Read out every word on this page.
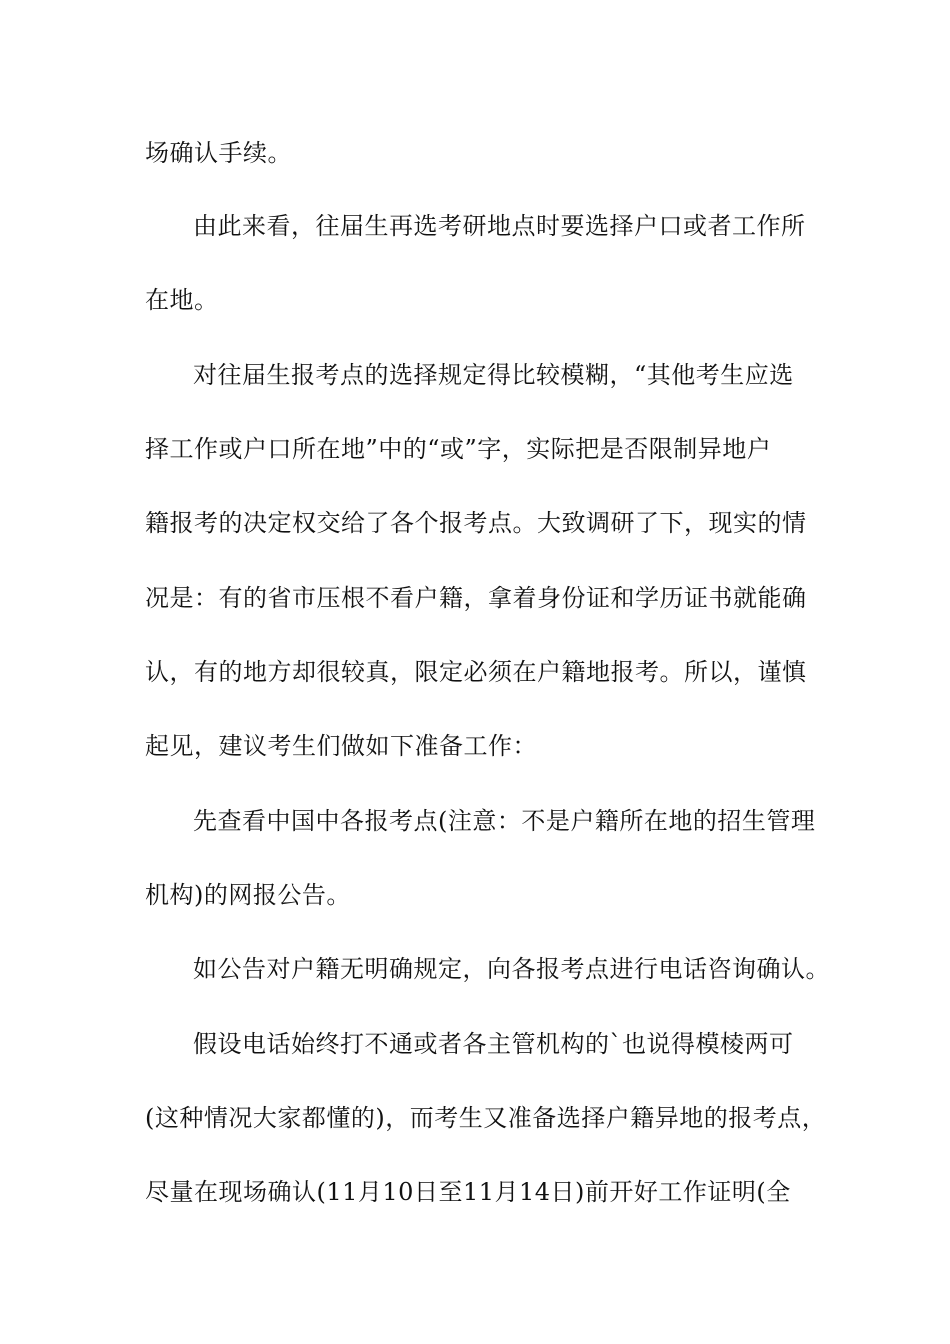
场确认手续。
由此来看，往届生再选考研地点时要选择户口或者工作所
在地。
对往届生报考点的选择规定得比较模糊，“其他考生应选
择工作或户口所在地”中的“或”字，实际把是否限制异地户
籍报考的决定权交给了各个报考点。大致调研了下，现实的情
况是：有的省市压根不看户籍，拿着身份证和学历证书就能确
认，有的地方却很较真，限定必须在户籍地报考。所以，谨慎
起见，建议考生们做如下准备工作：
先查看中国中各报考点(注意：不是户籍所在地的招生管理
机构)的网报公告。
如公告对户籍无明确规定，向各报考点进行电话咨询确认。
假设电话始终打不通或者各主管机构的`也说得模棱两可
(这种情况大家都懂的)，而考生又准备选择户籍异地的报考点，
尽量在现场确认(11月10日至11月14日)前开好工作证明(全
